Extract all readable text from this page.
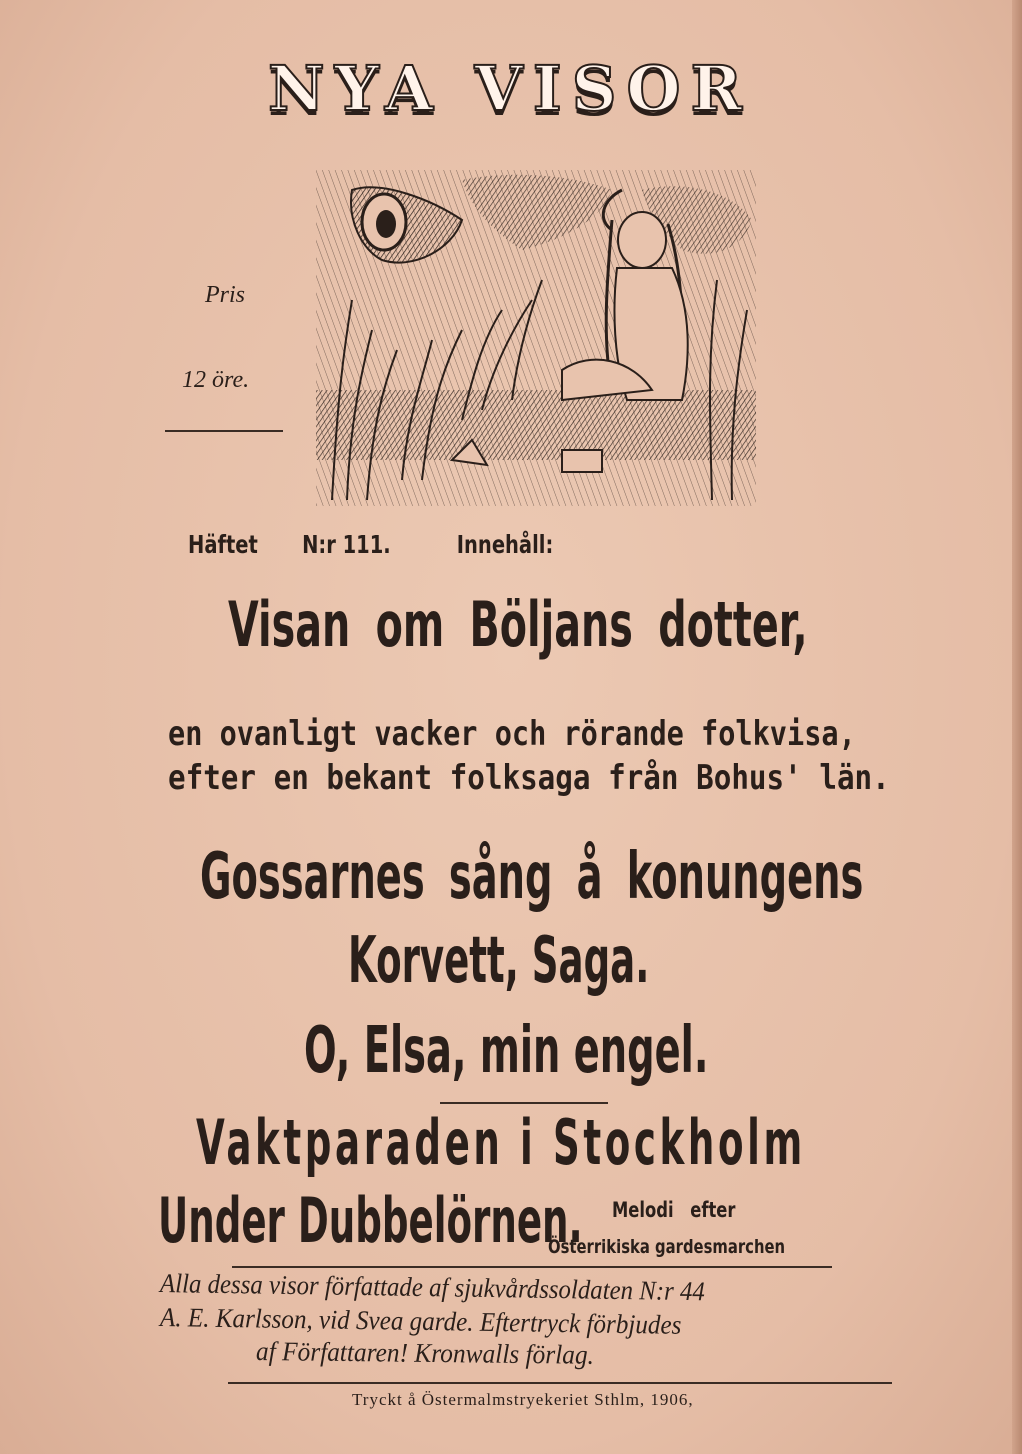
NYA VISOR
Pris
12 öre.
Häftet N:r 111.	Innehåll:
Visan om Böljans dotter,
en ovanligt vacker och rörande folkvisa,
efter en bekant folksaga från Bohus' län.
Gossarnes sång å konungens
Korvett, Saga.
O, Elsa, min engel.
Vaktparaden i Stockholm
Under Dubbelörnen. Melodi efter
Österrikiska gardesmarchen
Alla dessa visor författade af sjukvårdssoldaten N:r 44
A. E. Karlsson, vid Svea garde. Eftertryck förbjudes
af Författaren! Kronwalls förlag.
Tryckt å Östermalmstryekeriet Sthlm, 1906,
